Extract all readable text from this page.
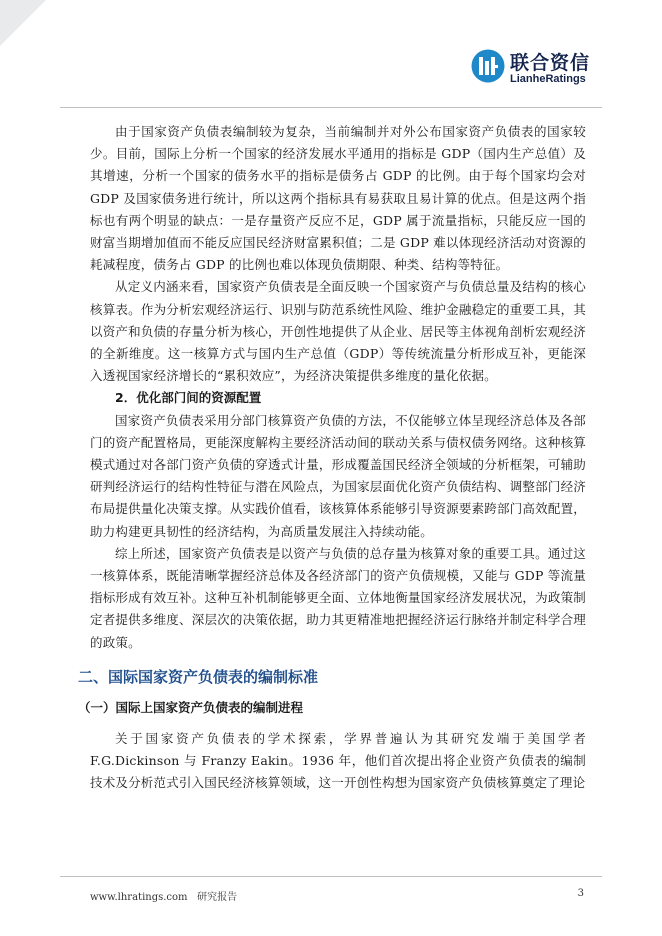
联合资信
LianheRatings

由于国家资产负债表编制较为复杂，当前编制并对外公布国家资产负债表的国家较少。目前，国际上分析一个国家的经济发展水平通用的指标是 GDP（国内生产总值）及其增速，分析一个国家的债务水平的指标是债务占 GDP 的比例。由于每个国家均会对 GDP 及国家债务进行统计，所以这两个指标具有易获取且易计算的优点。但是这两个指标也有两个明显的缺点：一是存量资产反应不足，GDP 属于流量指标，只能反应一国的财富当期增加值而不能反应国民经济财富累积值；二是 GDP 难以体现经济活动对资源的耗减程度，债务占 GDP 的比例也难以体现负债期限、种类、结构等特征。

从定义内涵来看，国家资产负债表是全面反映一个国家资产与负债总量及结构的核心核算表。作为分析宏观经济运行、识别与防范系统性风险、维护金融稳定的重要工具，其以资产和负债的存量分析为核心，开创性地提供了从企业、居民等主体视角剖析宏观经济的全新维度。这一核算方式与国内生产总值（GDP）等传统流量分析形成互补，更能深入透视国家经济增长的“累积效应”，为经济决策提供多维度的量化依据。

2．优化部门间的资源配置

国家资产负债表采用分部门核算资产负债的方法，不仅能够立体呈现经济总体及各部门的资产配置格局，更能深度解构主要经济活动间的联动关系与债权债务网络。这种核算模式通过对各部门资产负债的穿透式计量，形成覆盖国民经济全领域的分析框架，可辅助研判经济运行的结构性特征与潜在风险点，为国家层面优化资产负债结构、调整部门经济布局提供量化决策支撑。从实践价值看，该核算体系能够引导资源要素跨部门高效配置，助力构建更具韧性的经济结构，为高质量发展注入持续动能。

综上所述，国家资产负债表是以资产与负债的总存量为核算对象的重要工具。通过这一核算体系，既能清晰掌握经济总体及各经济部门的资产负债规模，又能与 GDP 等流量指标形成有效互补。这种互补机制能够更全面、立体地衡量国家经济发展状况，为政策制定者提供多维度、深层次的决策依据，助力其更精准地把握经济运行脉络并制定科学合理的政策。

二、国际国家资产负债表的编制标准
（一）国际上国家资产负债表的编制进程

关于国家资产负债表的学术探索，学界普遍认为其研究发端于美国学者 F.G.Dickinson 与 Franzy Eakin。1936 年，他们首次提出将企业资产负债表的编制技术及分析范式引入国民经济核算领域，这一开创性构想为国家资产负债核算奠定了理论

www.lhratings.com 研究报告	3
